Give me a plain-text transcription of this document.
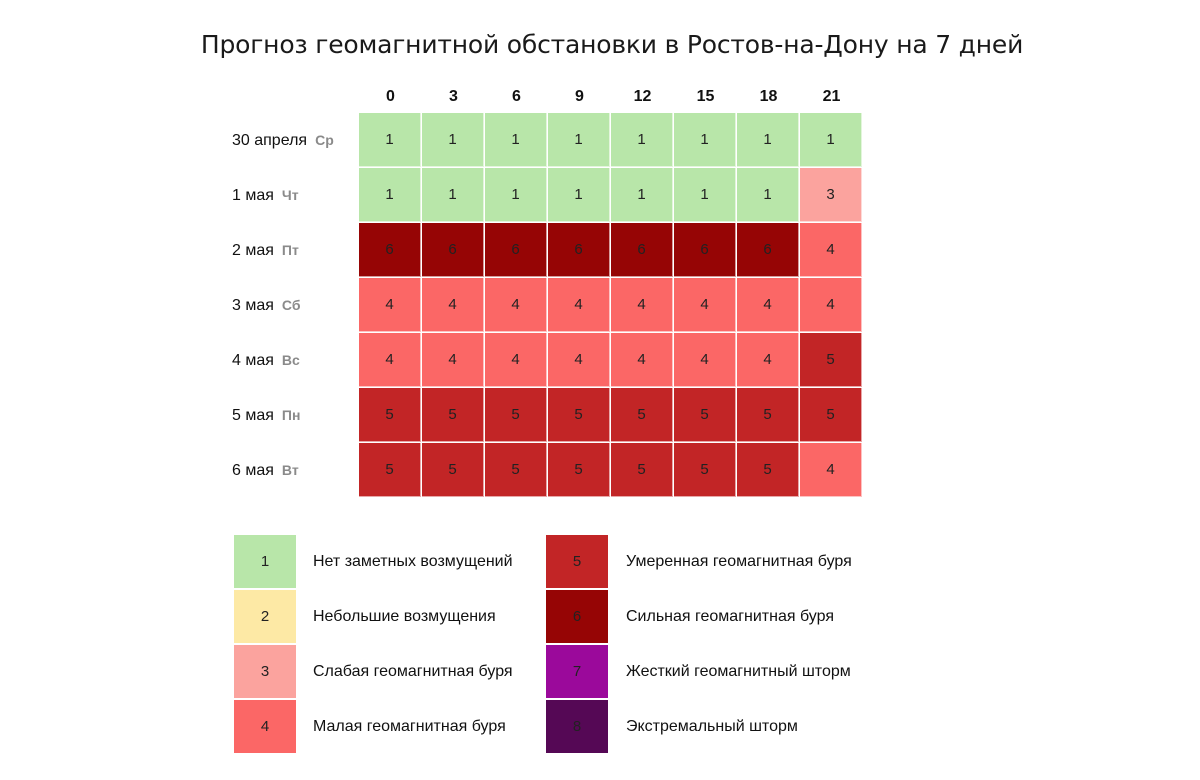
Прогноз геомагнитной обстановки в Ростов-на-Дону на 7 дней
0	3	6	9	12	15	18	21
30 апреля Ср	1	1	1	1	1	1	1	1
1 мая Чт	1	1	1	1	1	1	1	3
2 мая Пт	6	6	6	6	6	6	6	4
3 мая Сб	4	4	4	4	4	4	4	4
4 мая Вс	4	4	4	4	4	4	4	5
5 мая Пн	5	5	5	5	5	5	5	5
6 мая Вт	5	5	5	5	5	5	5	4
1	Нет заметных возмущений
2	Небольшие возмущения
3	Слабая геомагнитная буря
4	Малая геомагнитная буря
5	Умеренная геомагнитная буря
6	Сильная геомагнитная буря
7	Жесткий геомагнитный шторм
8	Экстремальный шторм
